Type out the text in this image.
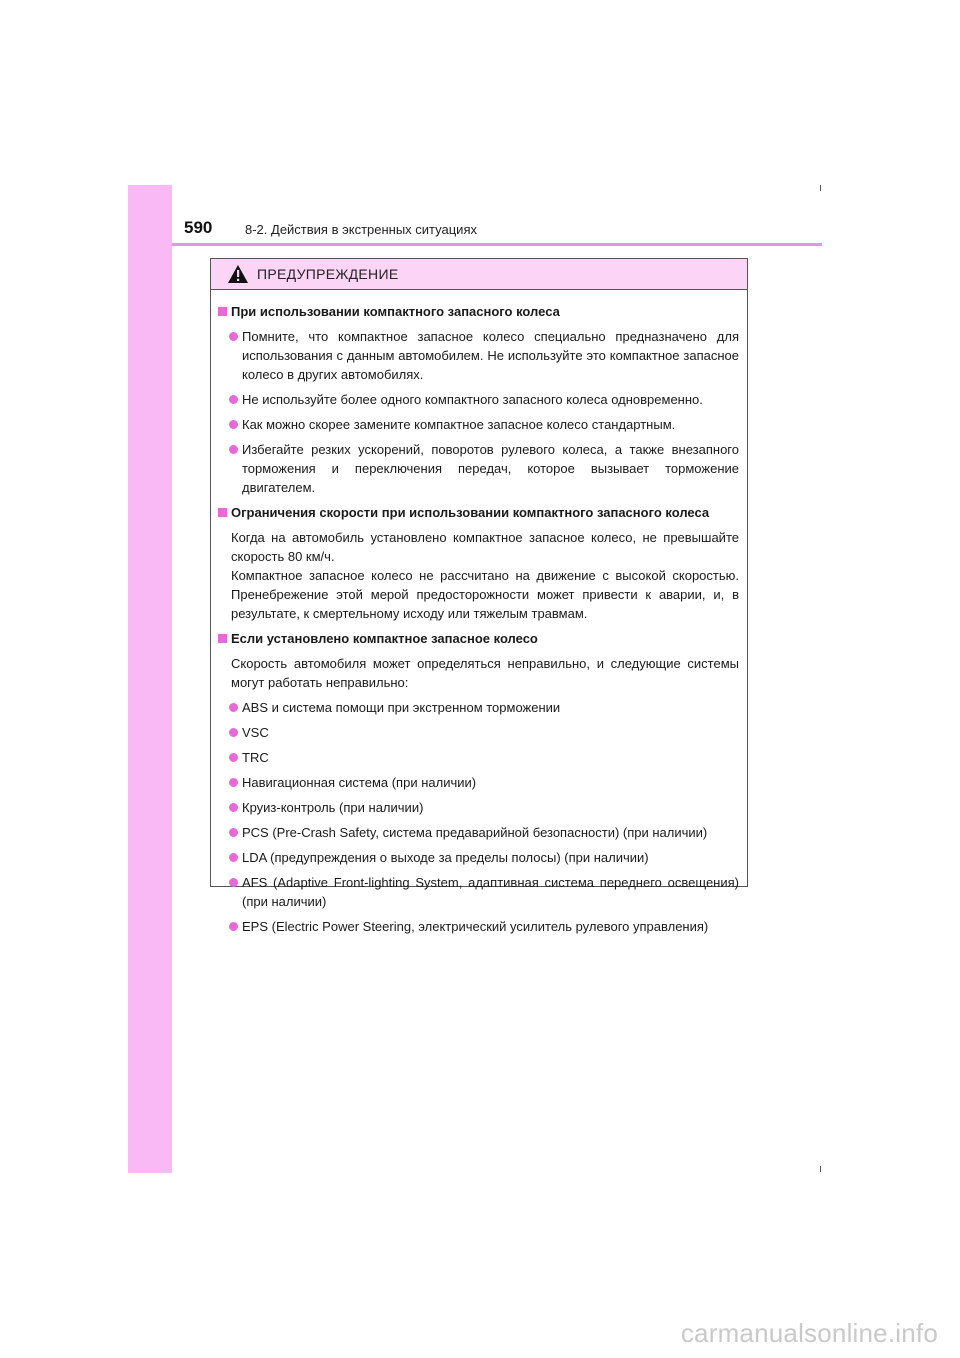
590	8-2. Действия в экстренных ситуациях
ПРЕДУПРЕЖДЕНИЕ
При использовании компактного запасного колеса
Помните, что компактное запасное колесо специально предназначено для использования с данным автомобилем. Не используйте это компактное запасное колесо в других автомобилях.
Не используйте более одного компактного запасного колеса одновременно.
Как можно скорее замените компактное запасное колесо стандартным.
Избегайте резких ускорений, поворотов рулевого колеса, а также внезапного торможения и переключения передач, которое вызывает торможение двигателем.
Ограничения скорости при использовании компактного запасного колеса
Когда на автомобиль установлено компактное запасное колесо, не превышайте скорость 80 км/ч.
Компактное запасное колесо не рассчитано на движение с высокой скоростью. Пренебрежение этой мерой предосторожности может привести к аварии, и, в результате, к смертельному исходу или тяжелым травмам.
Если установлено компактное запасное колесо
Скорость автомобиля может определяться неправильно, и следующие системы могут работать неправильно:
ABS и система помощи при экстренном торможении
VSC
TRC
Навигационная система (при наличии)
Круиз-контроль (при наличии)
PCS (Pre-Crash Safety, система предаварийной безопасности) (при наличии)
LDA (предупреждения о выходе за пределы полосы) (при наличии)
AFS (Adaptive Front-lighting System, адаптивная система переднего освещения) (при наличии)
EPS (Electric Power Steering, электрический усилитель рулевого управления)
carmanualsonline.info
